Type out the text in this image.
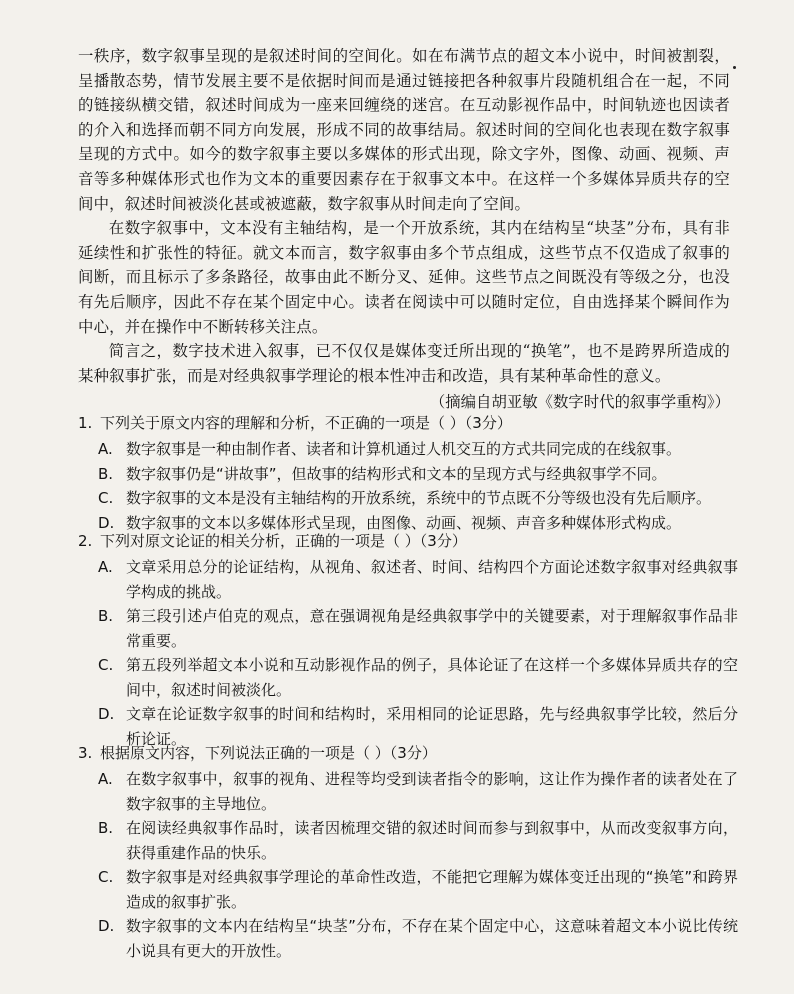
一秩序，数字叙事呈现的是叙述时间的空间化。如在布满节点的超文本小说中，时间被割裂，呈播散态势，情节发展主要不是依据时间而是通过链接把各种叙事片段随机组合在一起，不同的链接纵横交错，叙述时间成为一座来回缠绕的迷宫。在互动影视作品中，时间轨迹也因读者的介入和选择而朝不同方向发展，形成不同的故事结局。叙述时间的空间化也表现在数字叙事呈现的方式中。如今的数字叙事主要以多媒体的形式出现，除文字外，图像、动画、视频、声音等多种媒体形式也作为文本的重要因素存在于叙事文本中。在这样一个多媒体异质共存的空间中，叙述时间被淡化甚或被遮蔽，数字叙事从时间走向了空间。

在数字叙事中，文本没有主轴结构，是一个开放系统，其内在结构呈“块茎”分布，具有非延续性和扩张性的特征。就文本而言，数字叙事由多个节点组成，这些节点不仅造成了叙事的间断，而且标示了多条路径，故事由此不断分叉、延伸。这些节点之间既没有等级之分，也没有先后顺序，因此不存在某个固定中心。读者在阅读中可以随时定位，自由选择某个瞬间作为中心，并在操作中不断转移关注点。

简言之，数字技术进入叙事，已不仅仅是媒体变迁所出现的“换笔”，也不是跨界所造成的某种叙事扩张，而是对经典叙事学理论的根本性冲击和改造，具有某种革命性的意义。

（摘编自胡亚敏《数字时代的叙事学重构》）

1. 下列关于原文内容的理解和分析，不正确的一项是（ ）（3分）

A. 数字叙事是一种由制作者、读者和计算机通过人机交互的方式共同完成的在线叙事。
B. 数字叙事仍是“讲故事”，但故事的结构形式和文本的呈现方式与经典叙事学不同。
C. 数字叙事的文本是没有主轴结构的开放系统，系统中的节点既不分等级也没有先后顺序。
D. 数字叙事的文本以多媒体形式呈现，由图像、动画、视频、声音多种媒体形式构成。

2. 下列对原文论证的相关分析，正确的一项是（ ）（3分）

A. 文章采用总分的论证结构，从视角、叙述者、时间、结构四个方面论述数字叙事对经典叙事学构成的挑战。
B. 第三段引述卢伯克的观点，意在强调视角是经典叙事学中的关键要素，对于理解叙事作品非常重要。
C. 第五段列举超文本小说和互动影视作品的例子，具体论证了在这样一个多媒体异质共存的空间中，叙述时间被淡化。
D. 文章在论证数字叙事的时间和结构时，采用相同的论证思路，先与经典叙事学比较，然后分析论证。

3. 根据原文内容，下列说法正确的一项是（ ）（3分）

A. 在数字叙事中，叙事的视角、进程等均受到读者指令的影响，这让作为操作者的读者处在了数字叙事的主导地位。
B. 在阅读经典叙事作品时，读者因梳理交错的叙述时间而参与到叙事中，从而改变叙事方向，获得重建作品的快乐。
C. 数字叙事是对经典叙事学理论的革命性改造，不能把它理解为媒体变迁出现的“换笔”和跨界造成的叙事扩张。
D. 数字叙事的文本内在结构呈“块茎”分布，不存在某个固定中心，这意味着超文本小说比传统小说具有更大的开放性。
